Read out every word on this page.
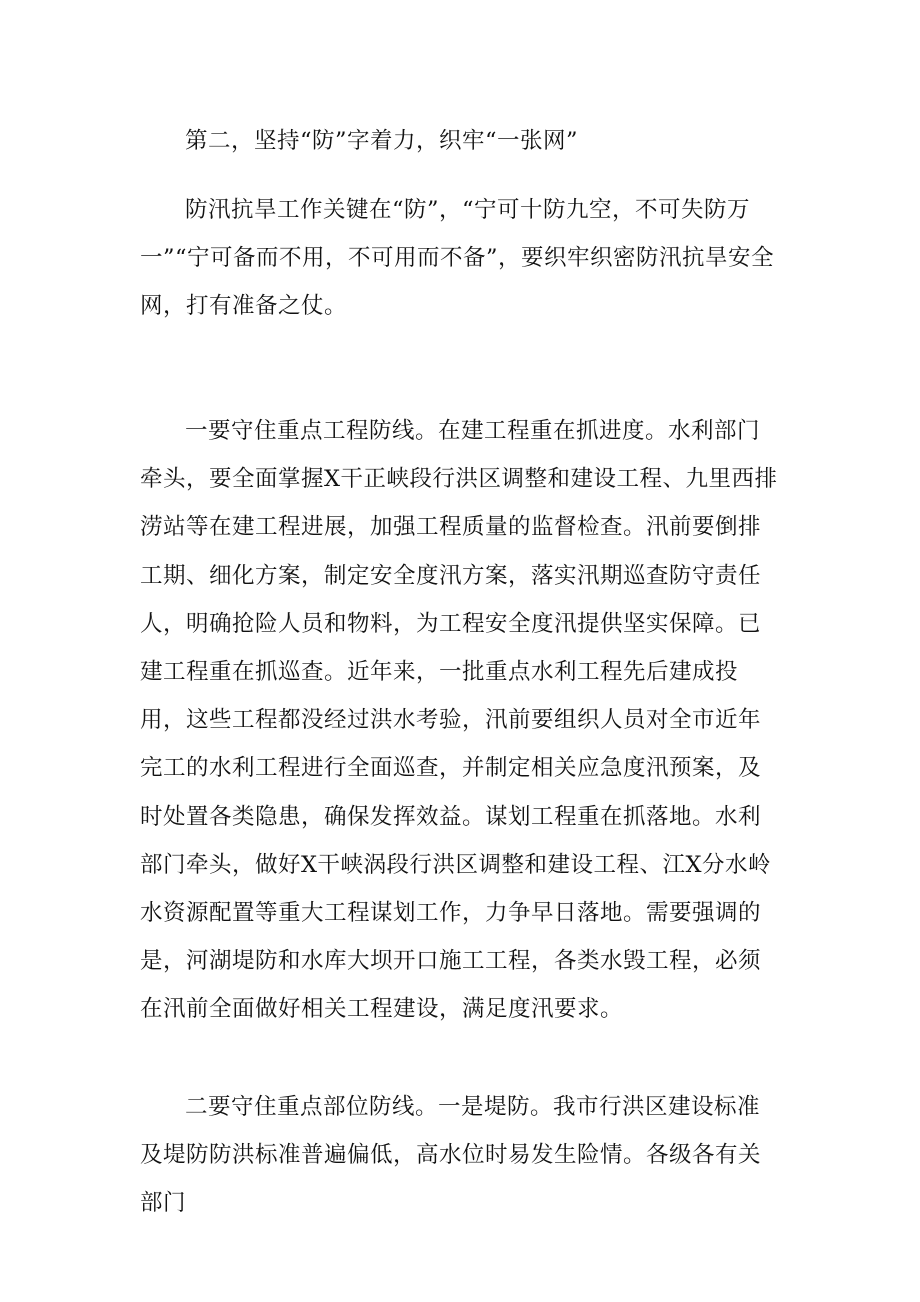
第二，坚持“防”字着力，织牢“一张网”

防汛抗旱工作关键在“防”，“宁可十防九空，不可失防万一”“宁可备而不用，不可用而不备”，要织牢织密防汛抗旱安全网，打有准备之仗。

一要守住重点工程防线。在建工程重在抓进度。水利部门牵头，要全面掌握X干正峡段行洪区调整和建设工程、九里西排涝站等在建工程进展，加强工程质量的监督检查。汛前要倒排工期、细化方案，制定安全度汛方案，落实汛期巡查防守责任人，明确抢险人员和物料，为工程安全度汛提供坚实保障。已建工程重在抓巡查。近年来，一批重点水利工程先后建成投用，这些工程都没经过洪水考验，汛前要组织人员对全市近年完工的水利工程进行全面巡查，并制定相关应急度汛预案，及时处置各类隐患，确保发挥效益。谋划工程重在抓落地。水利部门牵头，做好X干峡涡段行洪区调整和建设工程、江X分水岭水资源配置等重大工程谋划工作，力争早日落地。需要强调的是，河湖堤防和水库大坝开口施工工程，各类水毁工程，必须在汛前全面做好相关工程建设，满足度汛要求。

二要守住重点部位防线。一是堤防。我市行洪区建设标准及堤防防洪标准普遍偏低，高水位时易发生险情。各级各有关部门
